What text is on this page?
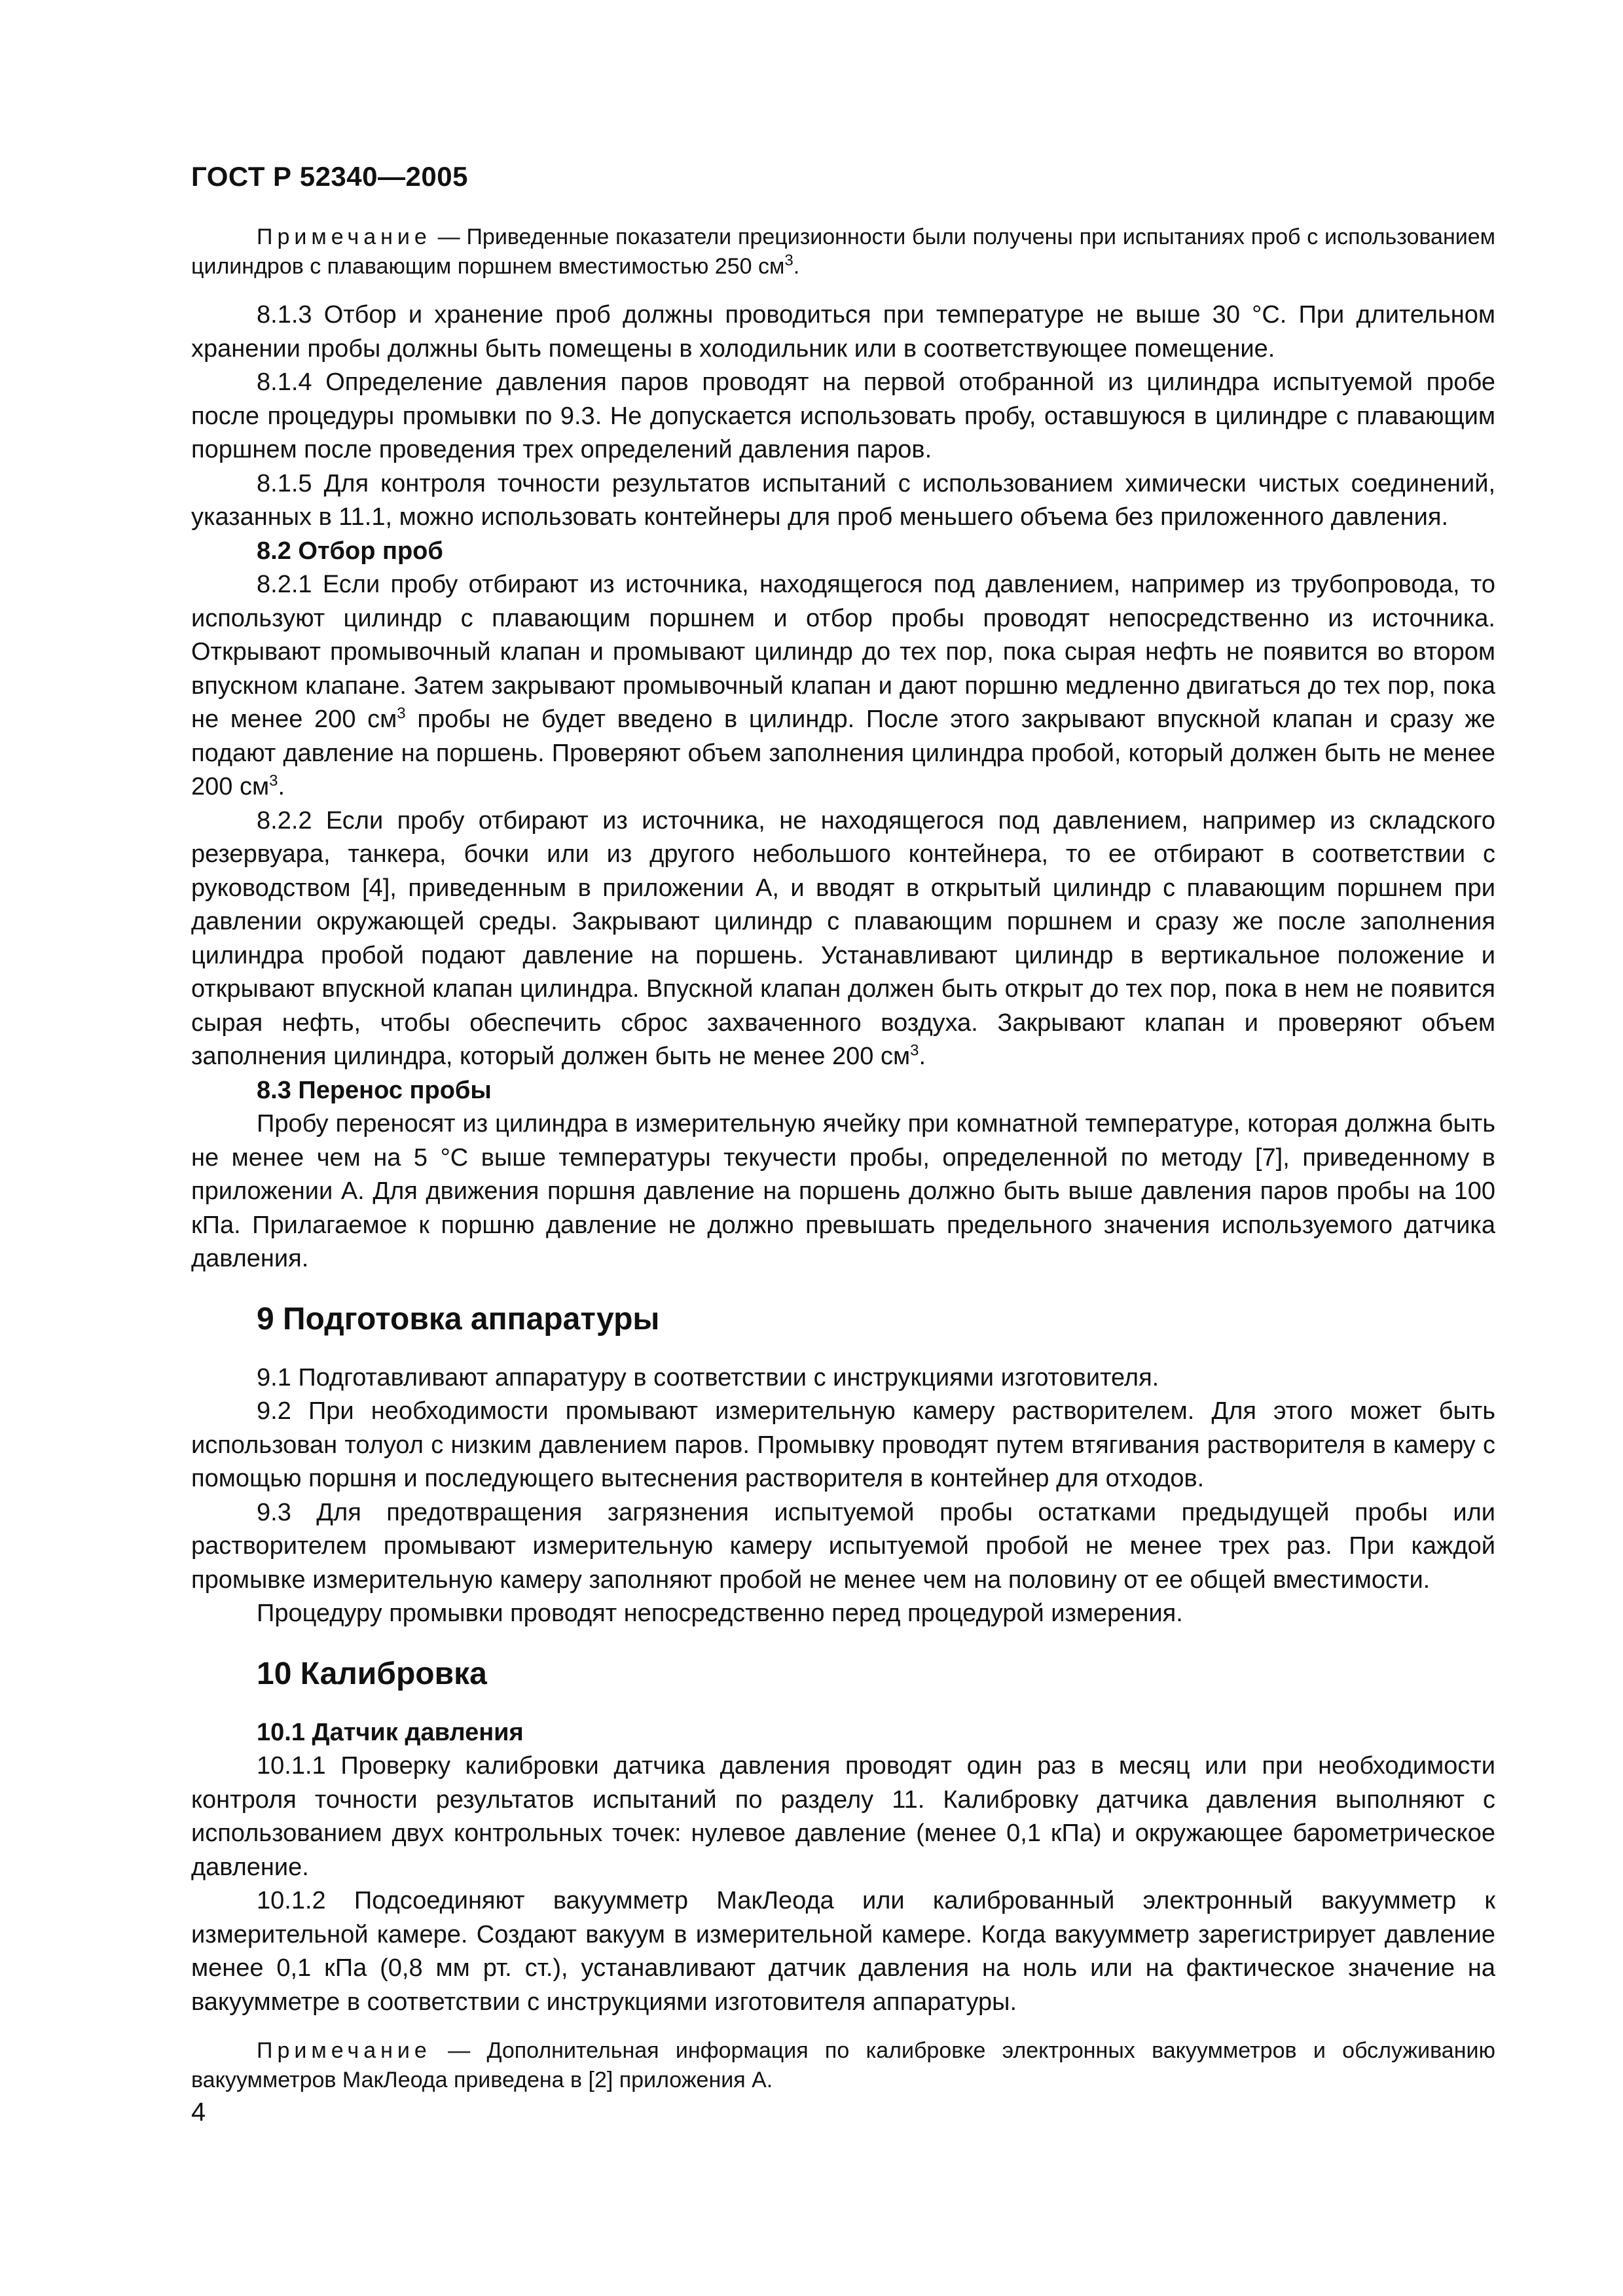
ГОСТ Р 52340—2005

Примечание — Приведенные показатели прецизионности были получены при испытаниях проб с использованием цилиндров с плавающим поршнем вместимостью 250 $см^3$.

8.1.3 Отбор и хранение проб должны проводиться при температуре не выше 30 °С. При длительном хранении пробы должны быть помещены в холодильник или в соответствующее помещение.

8.1.4 Определение давления паров проводят на первой отобранной из цилиндра испытуемой пробе после процедуры промывки по 9.3. Не допускается использовать пробу, оставшуюся в цилиндре с плавающим поршнем после проведения трех определений давления паров.

8.1.5 Для контроля точности результатов испытаний с использованием химически чистых соединений, указанных в 11.1, можно использовать контейнеры для проб меньшего объема без приложенного давления.

8.2 Отбор проб

8.2.1 Если пробу отбирают из источника, находящегося под давлением, например из трубопровода, то используют цилиндр с плавающим поршнем и отбор пробы проводят непосредственно из источника. Открывают промывочный клапан и промывают цилиндр до тех пор, пока сырая нефть не появится во втором впускном клапане. Затем закрывают промывочный клапан и дают поршню медленно двигаться до тех пор, пока не менее 200 $см^3$ пробы не будет введено в цилиндр. После этого закрывают впускной клапан и сразу же подают давление на поршень. Проверяют объем заполнения цилиндра пробой, который должен быть не менее 200 $см^3$.

8.2.2 Если пробу отбирают из источника, не находящегося под давлением, например из складского резервуара, танкера, бочки или из другого небольшого контейнера, то ее отбирают в соответствии с руководством [4], приведенным в приложении А, и вводят в открытый цилиндр с плавающим поршнем при давлении окружающей среды. Закрывают цилиндр с плавающим поршнем и сразу же после заполнения цилиндра пробой подают давление на поршень. Устанавливают цилиндр в вертикальное положение и открывают впускной клапан цилиндра. Впускной клапан должен быть открыт до тех пор, пока в нем не появится сырая нефть, чтобы обеспечить сброс захваченного воздуха. Закрывают клапан и проверяют объем заполнения цилиндра, который должен быть не менее 200 $см^3$.

8.3 Перенос пробы

Пробу переносят из цилиндра в измерительную ячейку при комнатной температуре, которая должна быть не менее чем на 5 °С выше температуры текучести пробы, определенной по методу [7], приведенному в приложении А. Для движения поршня давление на поршень должно быть выше давления паров пробы на 100 кПа. Прилагаемое к поршню давление не должно превышать предельного значения используемого датчика давления.

9 Подготовка аппаратуры

9.1 Подготавливают аппаратуру в соответствии с инструкциями изготовителя.

9.2 При необходимости промывают измерительную камеру растворителем. Для этого может быть использован толуол с низким давлением паров. Промывку проводят путем втягивания растворителя в камеру с помощью поршня и последующего вытеснения растворителя в контейнер для отходов.

9.3 Для предотвращения загрязнения испытуемой пробы остатками предыдущей пробы или растворителем промывают измерительную камеру испытуемой пробой не менее трех раз. При каждой промывке измерительную камеру заполняют пробой не менее чем на половину от ее общей вместимости.

Процедуру промывки проводят непосредственно перед процедурой измерения.

10 Калибровка

10.1 Датчик давления

10.1.1 Проверку калибровки датчика давления проводят один раз в месяц или при необходимости контроля точности результатов испытаний по разделу 11. Калибровку датчика давления выполняют с использованием двух контрольных точек: нулевое давление (менее 0,1 кПа) и окружающее барометрическое давление.

10.1.2 Подсоединяют вакуумметр МакЛеода или калиброванный электронный вакуумметр к измерительной камере. Создают вакуум в измерительной камере. Когда вакуумметр зарегистрирует давление менее 0,1 кПа (0,8 мм рт. ст.), устанавливают датчик давления на ноль или на фактическое значение на вакуумметре в соответствии с инструкциями изготовителя аппаратуры.

Примечание — Дополнительная информация по калибровке электронных вакуумметров и обслуживанию вакуумметров МакЛеода приведена в [2] приложения А.

4
